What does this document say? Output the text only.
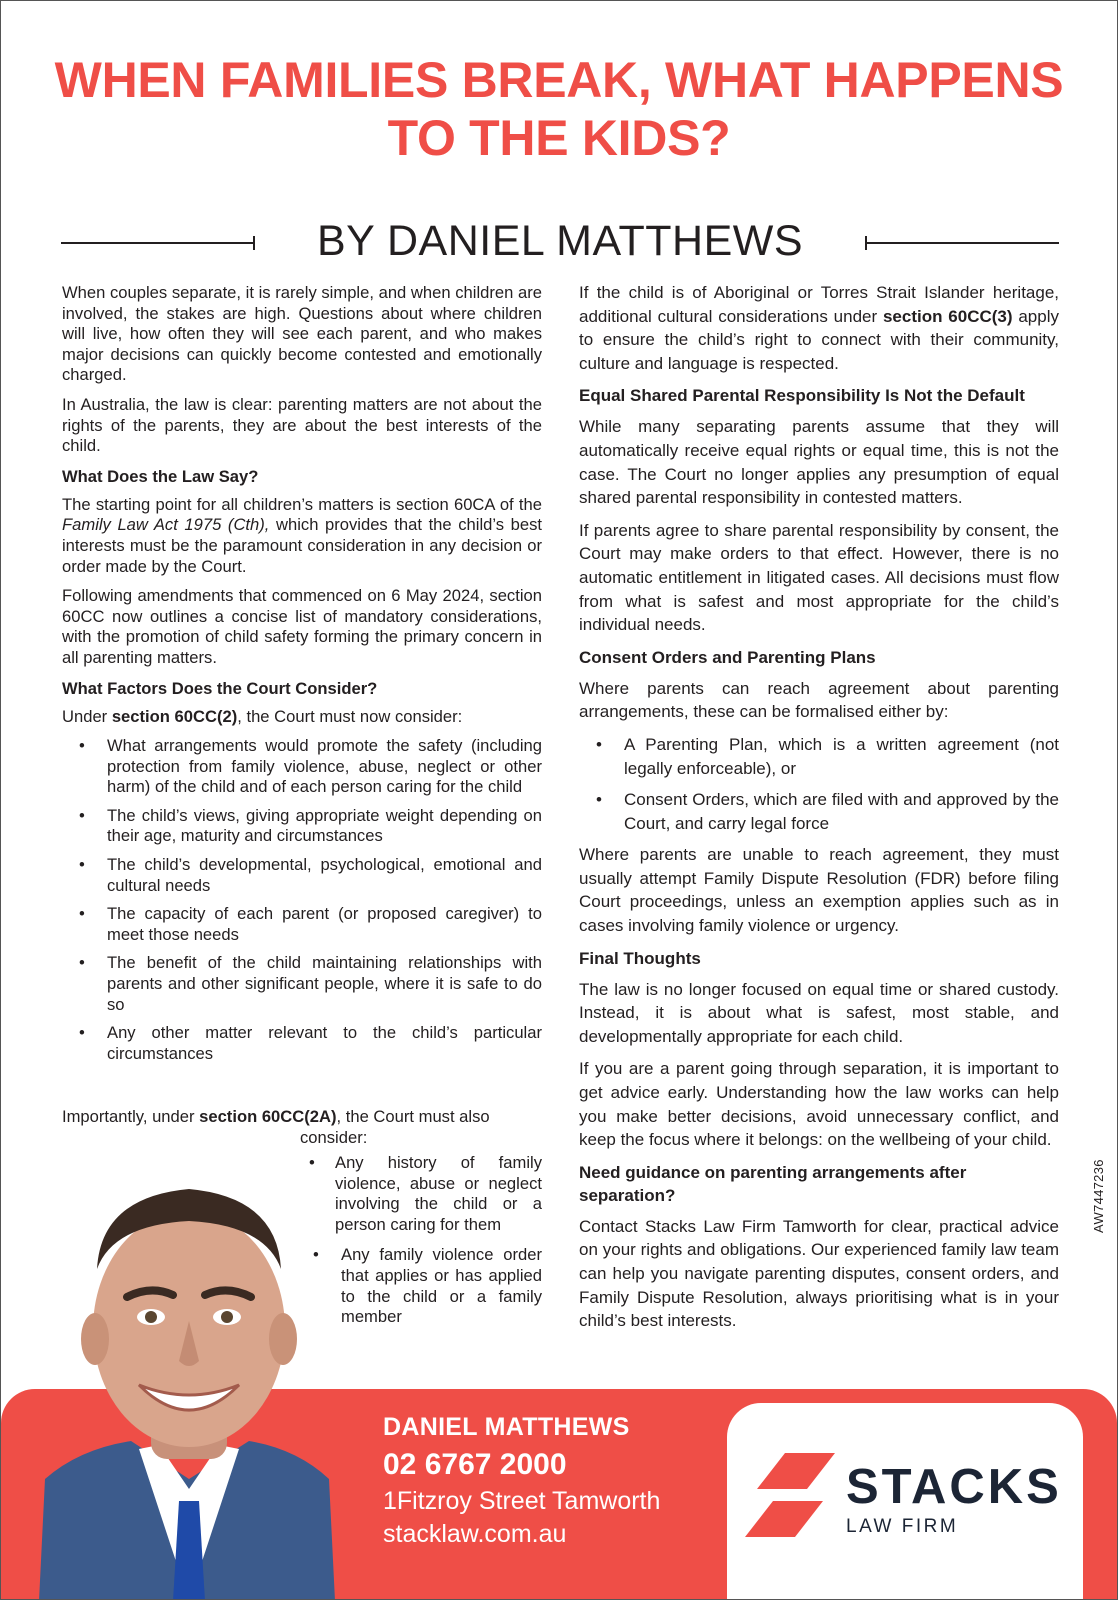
WHEN FAMILIES BREAK, WHAT HAPPENS TO THE KIDS?
BY DANIEL MATTHEWS

When couples separate, it is rarely simple, and when children are involved, the stakes are high. Questions about where children will live, how often they will see each parent, and who makes major decisions can quickly become contested and emotionally charged.

In Australia, the law is clear: parenting matters are not about the rights of the parents, they are about the best interests of the child.

What Does the Law Say?

The starting point for all children’s matters is section 60CA of the Family Law Act 1975 (Cth), which provides that the child’s best interests must be the paramount consideration in any decision or order made by the Court.

Following amendments that commenced on 6 May 2024, section 60CC now outlines a concise list of mandatory considerations, with the promotion of child safety forming the primary concern in all parenting matters.

What Factors Does the Court Consider?

Under section 60CC(2), the Court must now consider:

• What arrangements would promote the safety (including protection from family violence, abuse, neglect or other harm) of the child and of each person caring for the child
• The child’s views, giving appropriate weight depending on their age, maturity and circumstances
• The child’s developmental, psychological, emotional and cultural needs
• The capacity of each parent (or proposed caregiver) to meet those needs
• The benefit of the child maintaining relationships with parents and other significant people, where it is safe to do so
• Any other matter relevant to the child’s particular circumstances
Importantly, under section 60CC(2A), the Court must also
consider:
• Any history of family violence, abuse or neglect involving the child or a person caring for them
• Any family violence order that applies or has applied to the child or a family member

If the child is of Aboriginal or Torres Strait Islander heritage, additional cultural considerations under section 60CC(3) apply to ensure the child’s right to connect with their community, culture and language is respected.

Equal Shared Parental Responsibility Is Not the Default

While many separating parents assume that they will automatically receive equal rights or equal time, this is not the case. The Court no longer applies any presumption of equal shared parental responsibility in contested matters.

If parents agree to share parental responsibility by consent, the Court may make orders to that effect. However, there is no automatic entitlement in litigated cases. All decisions must flow from what is safest and most appropriate for the child’s individual needs.

Consent Orders and Parenting Plans

Where parents can reach agreement about parenting arrangements, these can be formalised either by:

• A Parenting Plan, which is a written agreement (not legally enforceable), or
• Consent Orders, which are filed with and approved by the Court, and carry legal force

Where parents are unable to reach agreement, they must usually attempt Family Dispute Resolution (FDR) before filing Court proceedings, unless an exemption applies such as in cases involving family violence or urgency.

Final Thoughts

The law is no longer focused on equal time or shared custody. Instead, it is about what is safest, most stable, and developmentally appropriate for each child.

If you are a parent going through separation, it is important to get advice early. Understanding how the law works can help you make better decisions, avoid unnecessary conflict, and keep the focus where it belongs: on the wellbeing of your child.

Need guidance on parenting arrangements after separation?

Contact Stacks Law Firm Tamworth for clear, practical advice on your rights and obligations. Our experienced family law team can help you navigate parenting disputes, consent orders, and Family Dispute Resolution, always prioritising what is in your child’s best interests.

AW7447236
DANIEL MATTHEWS
02 6767 2000
1Fitzroy Street Tamworth
stacklaw.com.au
STACKS
LAW FIRM
